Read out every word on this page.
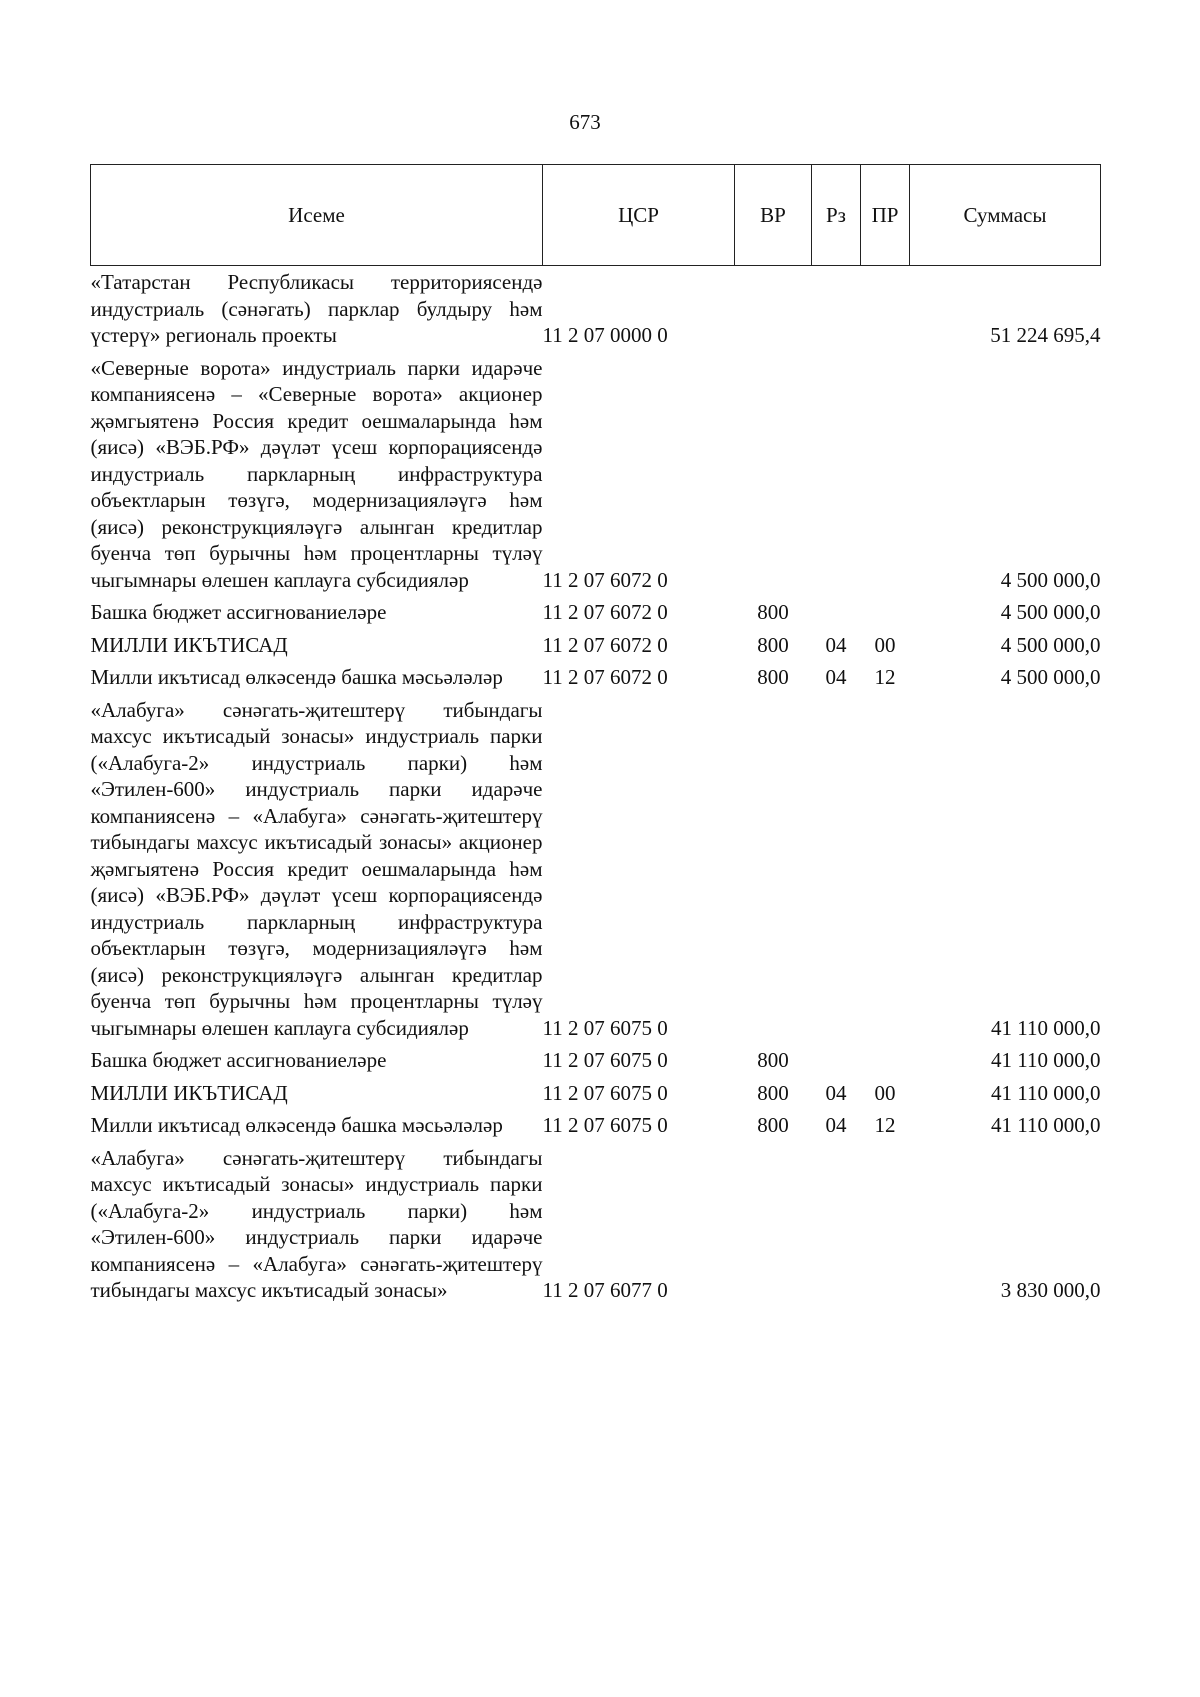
673
Исеме	ЦСР	ВР	Рз	ПР	Суммасы
«Татарстан Республикасы территориясендә индустриаль (сәнәгать) парклар булдыру һәм үстерү» региональ проекты	11 2 07 0000 0				51 224 695,4
«Северные ворота» индустриаль парки идарәче компаниясенә – «Северные ворота» акционер җәмгыятенә Россия кредит оешмаларында һәм (яисә) «ВЭБ.РФ» дәүләт үсеш корпорациясендә индустриаль паркларның инфраструктура объектларын төзүгә, модернизацияләүгә һәм (яисә) реконструкцияләүгә алынган кредитлар буенча төп бурычны һәм процентларны түләү чыгымнары өлешен каплауга субсидияләр	11 2 07 6072 0				4 500 000,0
Башка бюджет ассигнованиеләре	11 2 07 6072 0	800			4 500 000,0
МИЛЛИ ИКЪТИСАД	11 2 07 6072 0	800	04	00	4 500 000,0
Милли икътисад өлкәсендә башка мәсьәләләр	11 2 07 6072 0	800	04	12	4 500 000,0
«Алабуга» сәнәгать-җитештерү тибындагы махсус икътисадый зонасы» индустриаль парки («Алабуга-2» индустриаль парки) һәм «Этилен-600» индустриаль парки идарәче компаниясенә – «Алабуга» сәнәгать-җитештерү тибындагы махсус икътисадый зонасы» акционер җәмгыятенә Россия кредит оешмаларында һәм (яисә) «ВЭБ.РФ» дәүләт үсеш корпорациясендә индустриаль паркларның инфраструктура объектларын төзүгә, модернизацияләүгә һәм (яисә) реконструкцияләүгә алынган кредитлар буенча төп бурычны һәм процентларны түләү чыгымнары өлешен каплауга субсидияләр	11 2 07 6075 0				41 110 000,0
Башка бюджет ассигнованиеләре	11 2 07 6075 0	800			41 110 000,0
МИЛЛИ ИКЪТИСАД	11 2 07 6075 0	800	04	00	41 110 000,0
Милли икътисад өлкәсендә башка мәсьәләләр	11 2 07 6075 0	800	04	12	41 110 000,0
«Алабуга» сәнәгать-җитештерү тибындагы махсус икътисадый зонасы» индустриаль парки («Алабуга-2» индустриаль парки) һәм «Этилен-600» индустриаль парки идарәче компаниясенә – «Алабуга» сәнәгать-җитештерү тибындагы махсус икътисадый зонасы»	11 2 07 6077 0				3 830 000,0
